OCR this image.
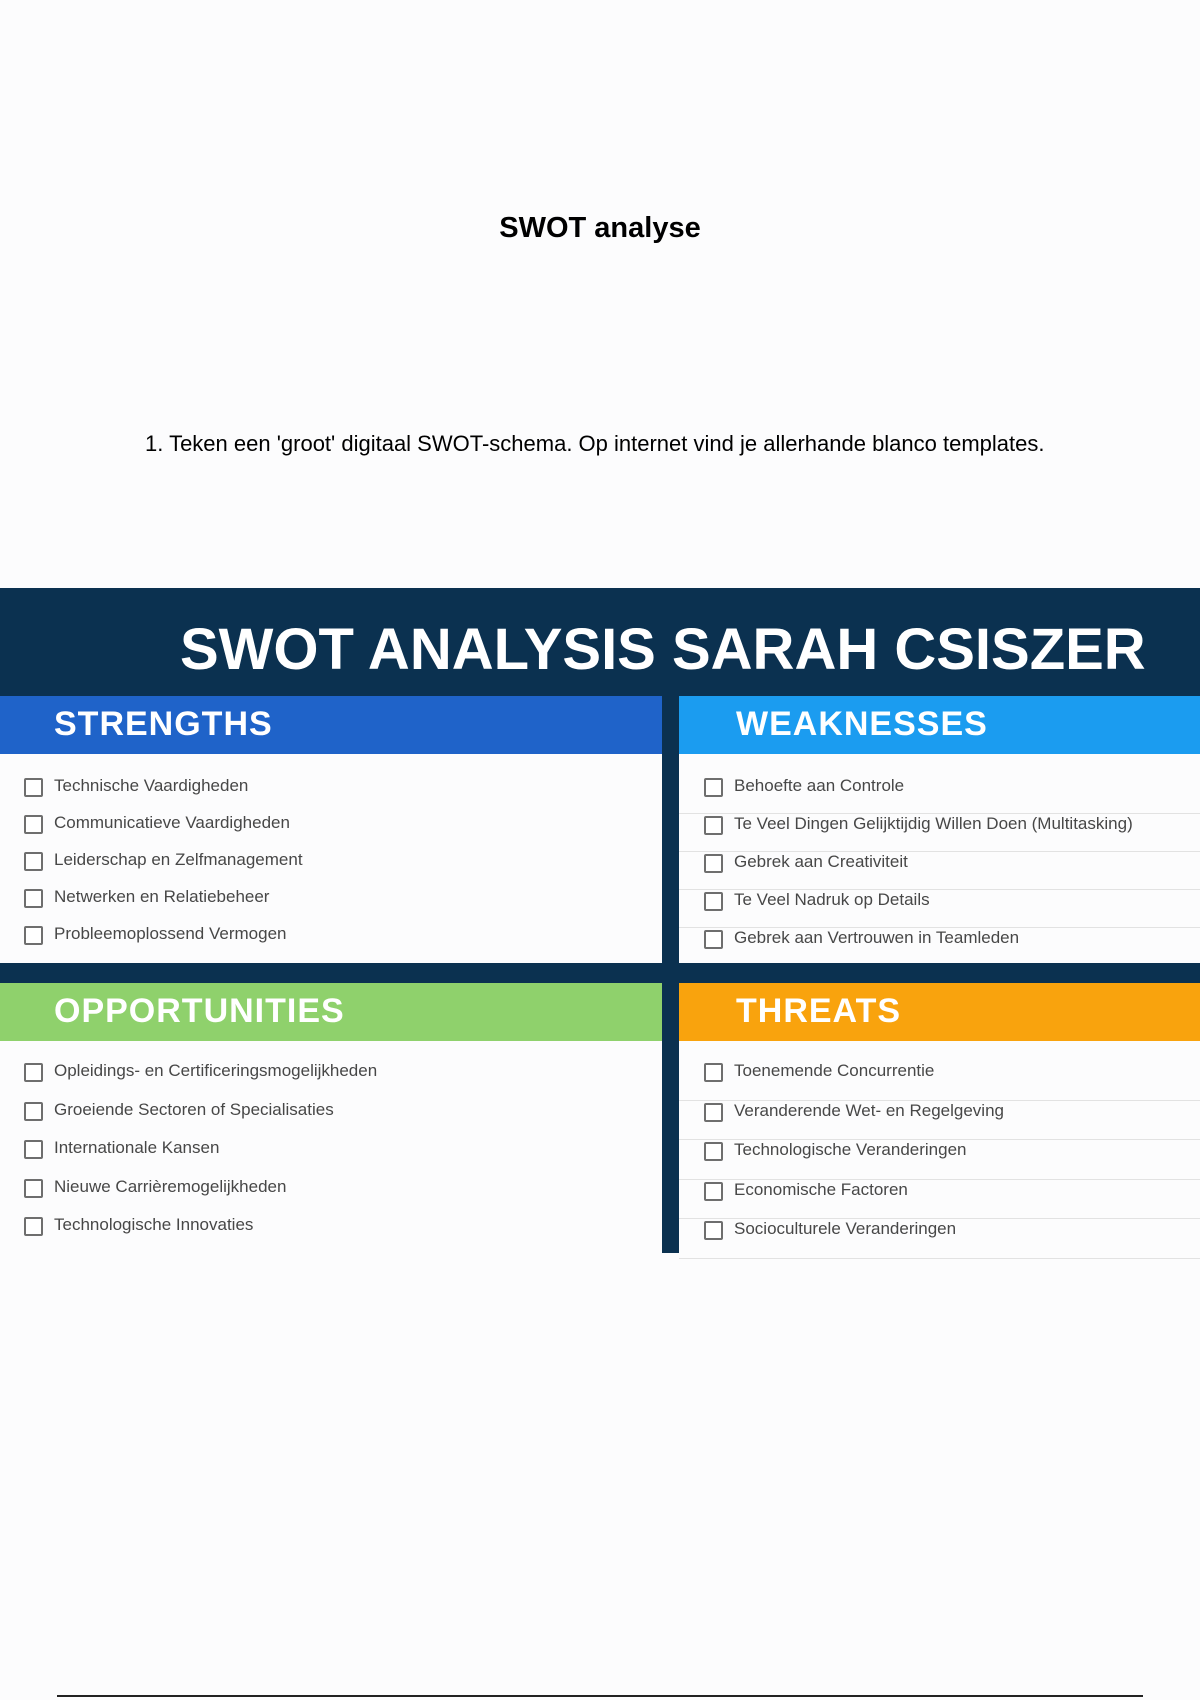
SWOT analyse
1. Teken een 'groot' digitaal SWOT-schema. Op internet vind je allerhande blanco templates.
SWOT ANALYSIS SARAH CSISZER
STRENGTHS
Technische Vaardigheden
Communicatieve Vaardigheden
Leiderschap en Zelfmanagement
Netwerken en Relatiebeheer
Probleemoplossend Vermogen
WEAKNESSES
Behoefte aan Controle
Te Veel Dingen Gelijktijdig Willen Doen (Multitasking)
Gebrek aan Creativiteit
Te Veel Nadruk op Details
Gebrek aan Vertrouwen in Teamleden
OPPORTUNITIES
Opleidings- en Certificeringsmogelijkheden
Groeiende Sectoren of Specialisaties
Internationale Kansen
Nieuwe Carrièremogelijkheden
Technologische Innovaties
THREATS
Toenemende Concurrentie
Veranderende Wet- en Regelgeving
Technologische Veranderingen
Economische Factoren
Socioculturele Veranderingen
